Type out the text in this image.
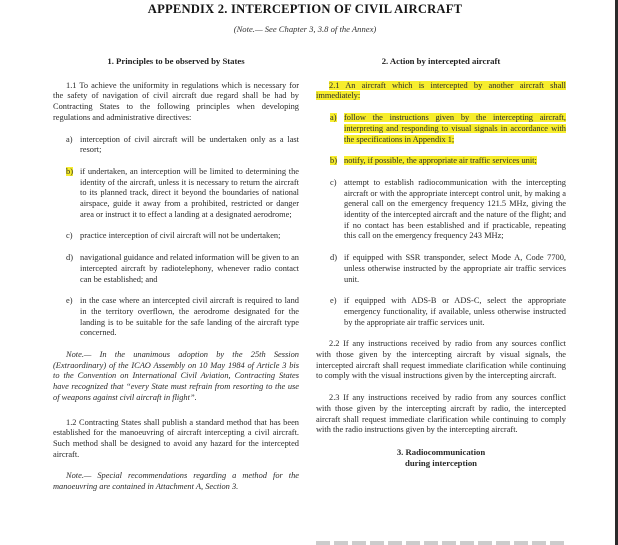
APPENDIX 2. INTERCEPTION OF CIVIL AIRCRAFT
(Note.— See Chapter 3, 3.8 of the Annex)
1. Principles to be observed by States
1.1 To achieve the uniformity in regulations which is necessary for the safety of navigation of civil aircraft due regard shall be had by Contracting States to the following principles when developing regulations and administrative directives:
a) interception of civil aircraft will be undertaken only as a last resort;
b) if undertaken, an interception will be limited to determining the identity of the aircraft, unless it is necessary to return the aircraft to its planned track, direct it beyond the boundaries of national airspace, guide it away from a prohibited, restricted or danger area or instruct it to effect a landing at a designated aerodrome;
c) practice interception of civil aircraft will not be undertaken;
d) navigational guidance and related information will be given to an intercepted aircraft by radiotelephony, whenever radio contact can be established; and
e) in the case where an intercepted civil aircraft is required to land in the territory overflown, the aerodrome designated for the landing is to be suitable for the safe landing of the aircraft type concerned.
Note.— In the unanimous adoption by the 25th Session (Extraordinary) of the ICAO Assembly on 10 May 1984 of Article 3 bis to the Convention on International Civil Aviation, Contracting States have recognized that “every State must refrain from resorting to the use of weapons against civil aircraft in flight”.
1.2 Contracting States shall publish a standard method that has been established for the manoeuvring of aircraft intercepting a civil aircraft. Such method shall be designed to avoid any hazard for the intercepted aircraft.
Note.— Special recommendations regarding a method for the manoeuvring are contained in Attachment A, Section 3.
2. Action by intercepted aircraft
2.1 An aircraft which is intercepted by another aircraft shall immediately:
a) follow the instructions given by the intercepting aircraft, interpreting and responding to visual signals in accordance with the specifications in Appendix 1;
b) notify, if possible, the appropriate air traffic services unit;
c) attempt to establish radiocommunication with the intercepting aircraft or with the appropriate intercept control unit, by making a general call on the emergency frequency 121.5 MHz, giving the identity of the intercepted aircraft and the nature of the flight; and if no contact has been established and if practicable, repeating this call on the emergency frequency 243 MHz;
d) if equipped with SSR transponder, select Mode A, Code 7700, unless otherwise instructed by the appropriate air traffic services unit.
e) if equipped with ADS-B or ADS-C, select the appropriate emergency functionality, if available, unless otherwise instructed by the appropriate air traffic services unit.
2.2 If any instructions received by radio from any sources conflict with those given by the intercepting aircraft by visual signals, the intercepted aircraft shall request immediate clarification while continuing to comply with the visual instructions given by the intercepting aircraft.
2.3 If any instructions received by radio from any sources conflict with those given by the intercepting aircraft by radio, the intercepted aircraft shall request immediate clarification while continuing to comply with the radio instructions given by the intercepting aircraft.
3. Radiocommunication
during interception
